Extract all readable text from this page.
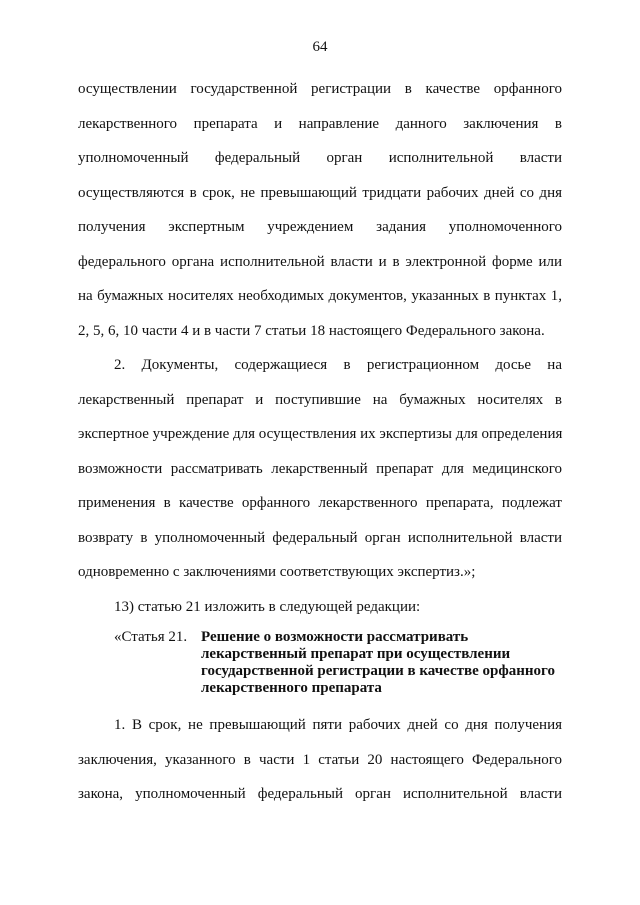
64
осуществлении государственной регистрации в качестве орфанного
лекарственного препарата и направление данного заключения в
уполномоченный федеральный орган исполнительной власти
осуществляются в срок, не превышающий тридцати рабочих дней со дня
получения экспертным учреждением задания уполномоченного
федерального органа исполнительной власти и в электронной форме или
на бумажных носителях необходимых документов, указанных в пунктах 1,
2, 5, 6, 10 части 4 и в части 7 статьи 18 настоящего Федерального закона.
2. Документы, содержащиеся в регистрационном досье на
лекарственный препарат и поступившие на бумажных носителях в
экспертное учреждение для осуществления их экспертизы для определения
возможности рассматривать лекарственный препарат для медицинского
применения в качестве орфанного лекарственного препарата, подлежат
возврату в уполномоченный федеральный орган исполнительной власти
одновременно с заключениями соответствующих экспертиз.»;
13) статью 21 изложить в следующей редакции:
«Статья 21. Решение о возможности рассматривать
лекарственный препарат при осуществлении
государственной регистрации в качестве орфанного
лекарственного препарата
1. В срок, не превышающий пяти рабочих дней со дня получения
заключения, указанного в части 1 статьи 20 настоящего Федерального
закона, уполномоченный федеральный орган исполнительной власти
